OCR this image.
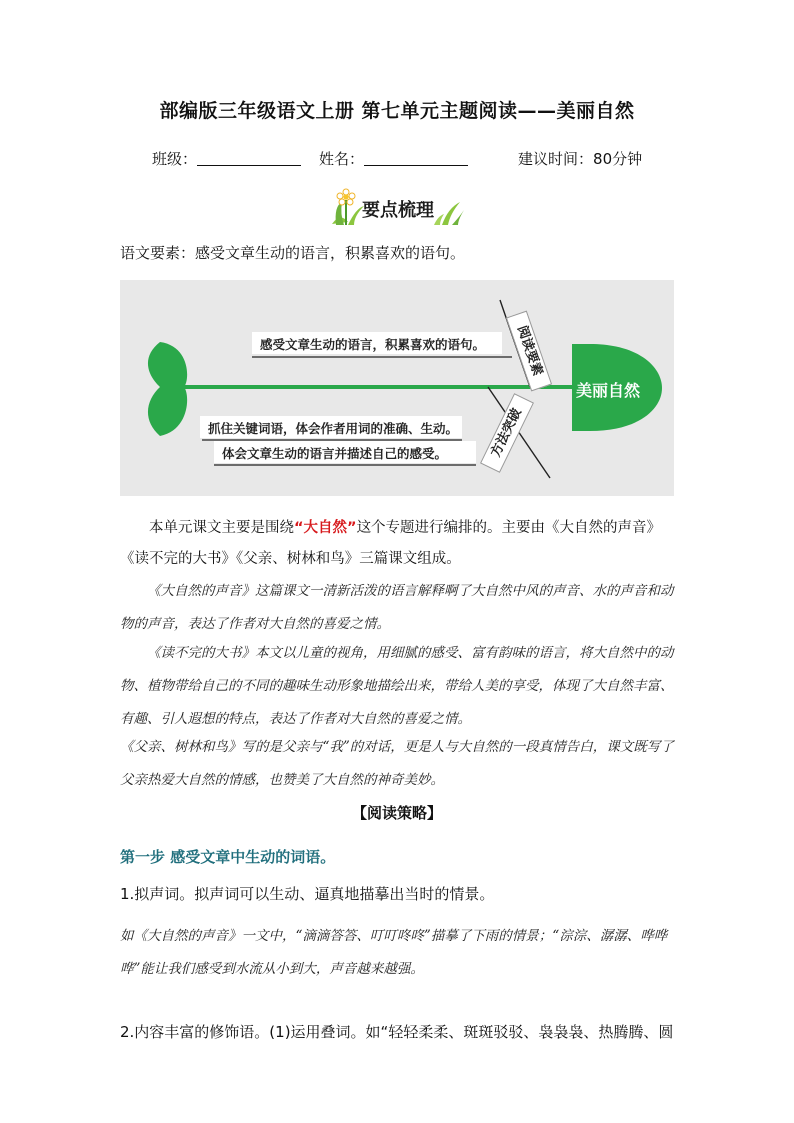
部编版三年级语文上册 第七单元主题阅读——美丽自然
班级：	姓名：	建议时间：80分钟
要点梳理
语文要素：感受文章生动的语言，积累喜欢的语句。
感受文章生动的语言，积累喜欢的语句。
抓住关键词语，体会作者用词的准确、生动。
体会文章生动的语言并描述自己的感受。
阅读要素
方法突破
美丽自然
本单元课文主要是围绕“大自然”这个专题进行编排的。主要由《大自然的声音》《读不完的大书》《父亲、树林和鸟》三篇课文组成。
《大自然的声音》这篇课文一清新活泼的语言解释啊了大自然中风的声音、水的声音和动物的声音，表达了作者对大自然的喜爱之情。
《读不完的大书》本文以儿童的视角，用细腻的感受、富有韵味的语言，将大自然中的动物、植物带给自己的不同的趣味生动形象地描绘出来，带给人美的享受，体现了大自然丰富、有趣、引人遐想的特点，表达了作者对大自然的喜爱之情。
《父亲、树林和鸟》写的是父亲与“我”的对话，更是人与大自然的一段真情告白，课文既写了父亲热爱大自然的情感，也赞美了大自然的神奇美妙。
【阅读策略】
第一步 感受文章中生动的词语。
1.拟声词。拟声词可以生动、逼真地描摹出当时的情景。
如《大自然的声音》一文中，“滴滴答答、叮叮咚咚”描摹了下雨的情景；“淙淙、潺潺、哗哗哗”能让我们感受到水流从小到大，声音越来越强。
2.内容丰富的修饰语。(1)运用叠词。如“轻轻柔柔、斑斑驳驳、袅袅袅、热腾腾、圆
